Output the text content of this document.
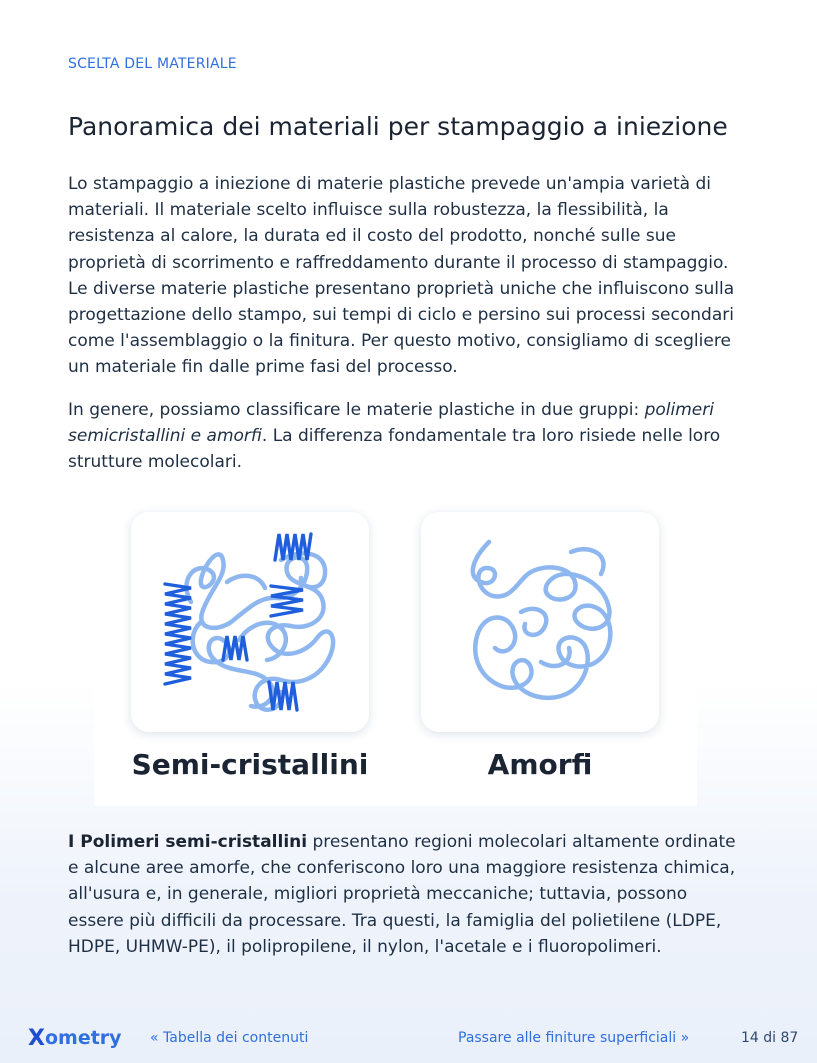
SCELTA DEL MATERIALE
Panoramica dei materiali per stampaggio a iniezione

Lo stampaggio a iniezione di materie plastiche prevede un'ampia varietà di materiali. Il materiale scelto influisce sulla robustezza, la flessibilità, la resistenza al calore, la durata ed il costo del prodotto, nonché sulle sue proprietà di scorrimento e raffreddamento durante il processo di stampaggio. Le diverse materie plastiche presentano proprietà uniche che influiscono sulla progettazione dello stampo, sui tempi di ciclo e persino sui processi secondari come l'assemblaggio o la finitura. Per questo motivo, consigliamo di scegliere un materiale fin dalle prime fasi del processo.

In genere, possiamo classificare le materie plastiche in due gruppi: polimeri semicristallini e amorfi. La differenza fondamentale tra loro risiede nelle loro strutture molecolari.

Semi-cristallini	Amorfi

I Polimeri semi-cristallini presentano regioni molecolari altamente ordinate e alcune aree amorfe, che conferiscono loro una maggiore resistenza chimica, all'usura e, in generale, migliori proprietà meccaniche; tuttavia, possono essere più difficili da processare. Tra questi, la famiglia del polietilene (LDPE, HDPE, UHMW-PE), il polipropilene, il nylon, l'acetale e i fluoropolimeri.

X ometry « Tabella dei contenuti	Passare alle finiture superficiali »	14 di 87
